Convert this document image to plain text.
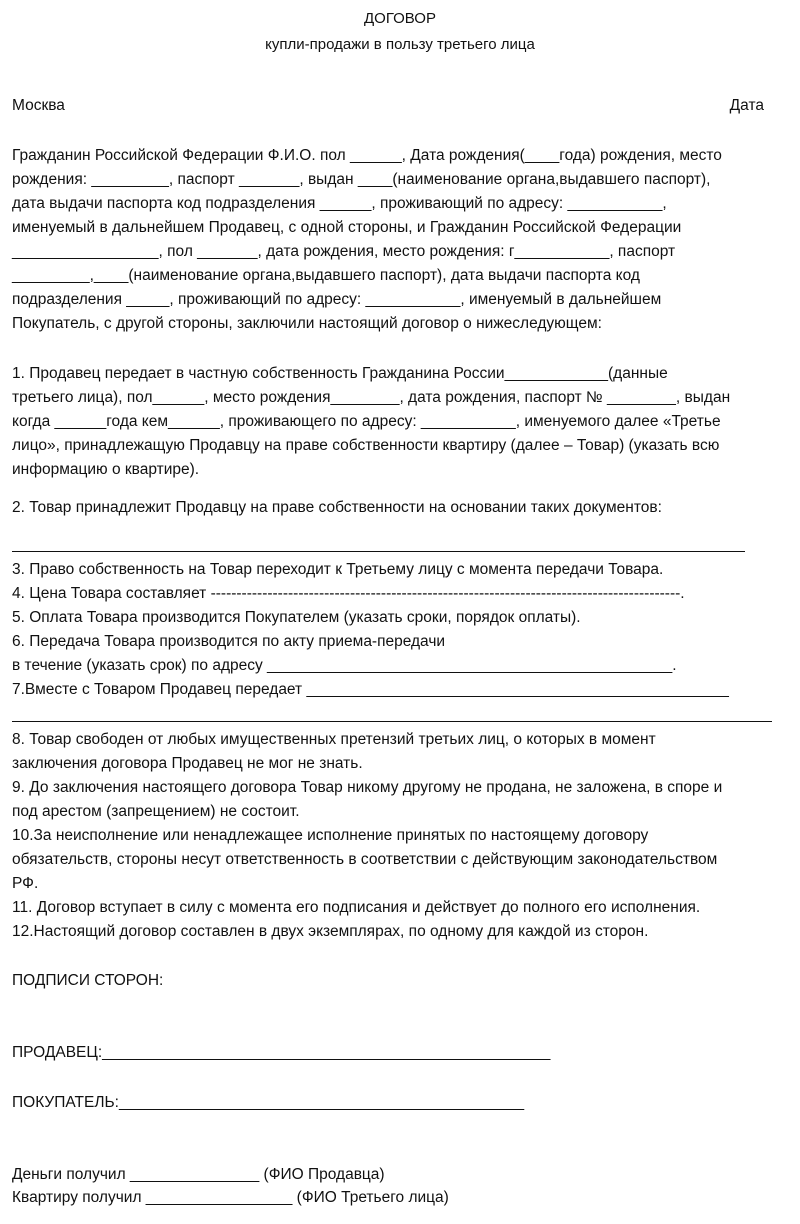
ДОГОВОР
купли-продажи в пользу третьего лица
Москва	Дата
Гражданин Российской Федерации Ф.И.О. пол ______, Дата рождения(____года) рождения, место
рождения: _________, паспорт _______, выдан ____(наименование органа,выдавшего паспорт),
дата выдачи паспорта код подразделения ______, проживающий по адресу: ___________,
именуемый в дальнейшем Продавец, с одной стороны, и Гражданин Российской Федерации
_________________, пол _______, дата рождения, место рождения: г___________, паспорт
_________,____(наименование органа,выдавшего паспорт), дата выдачи паспорта код
подразделения _____, проживающий по адресу: ___________, именуемый в дальнейшем
Покупатель, с другой стороны, заключили настоящий договор о нижеследующем:
1. Продавец передает в частную собственность Гражданина России____________(данные
третьего лица), пол______, место рождения________, дата рождения, паспорт № ________, выдан
когда ______года кем______, проживающего по адресу: ___________, именуемого далее «Третье
лицо», принадлежащую Продавцу на праве собственности квартиру (далее – Товар) (указать всю
информацию о квартире).
2. Товар принадлежит Продавцу на праве собственности на основании таких документов:
3. Право собственность на Товар переходит к Третьему лицу с момента передачи Товара.
4. Цена Товара составляет -------------------------------------------------------------------------------------------.
5. Оплата Товара производится Покупателем (указать сроки, порядок оплаты).
6. Передача Товара производится по акту приема-передачи
в течение (указать срок) по адресу _______________________________________________.
7.Вместе с Товаром Продавец передает _________________________________________________
8. Товар свободен от любых имущественных претензий третьих лиц, о которых в момент
заключения договора Продавец не мог не знать.
9. До заключения настоящего договора Товар никому другому не продана, не заложена, в споре и
под арестом (запрещением) не состоит.
10.За неисполнение или ненадлежащее исполнение принятых по настоящему договору
обязательств, стороны несут ответственность в соответствии с действующим законодательством
РФ.
11. Договор вступает в силу с момента его подписания и действует до полного его исполнения.
12.Настоящий договор составлен в двух экземплярах, по одному для каждой из сторон.
ПОДПИСИ СТОРОН:
ПРОДАВЕЦ:____________________________________________________
ПОКУПАТЕЛЬ:_______________________________________________
Деньги получил _______________ (ФИО Продавца)
Квартиру получил _________________ (ФИО Третьего лица)
